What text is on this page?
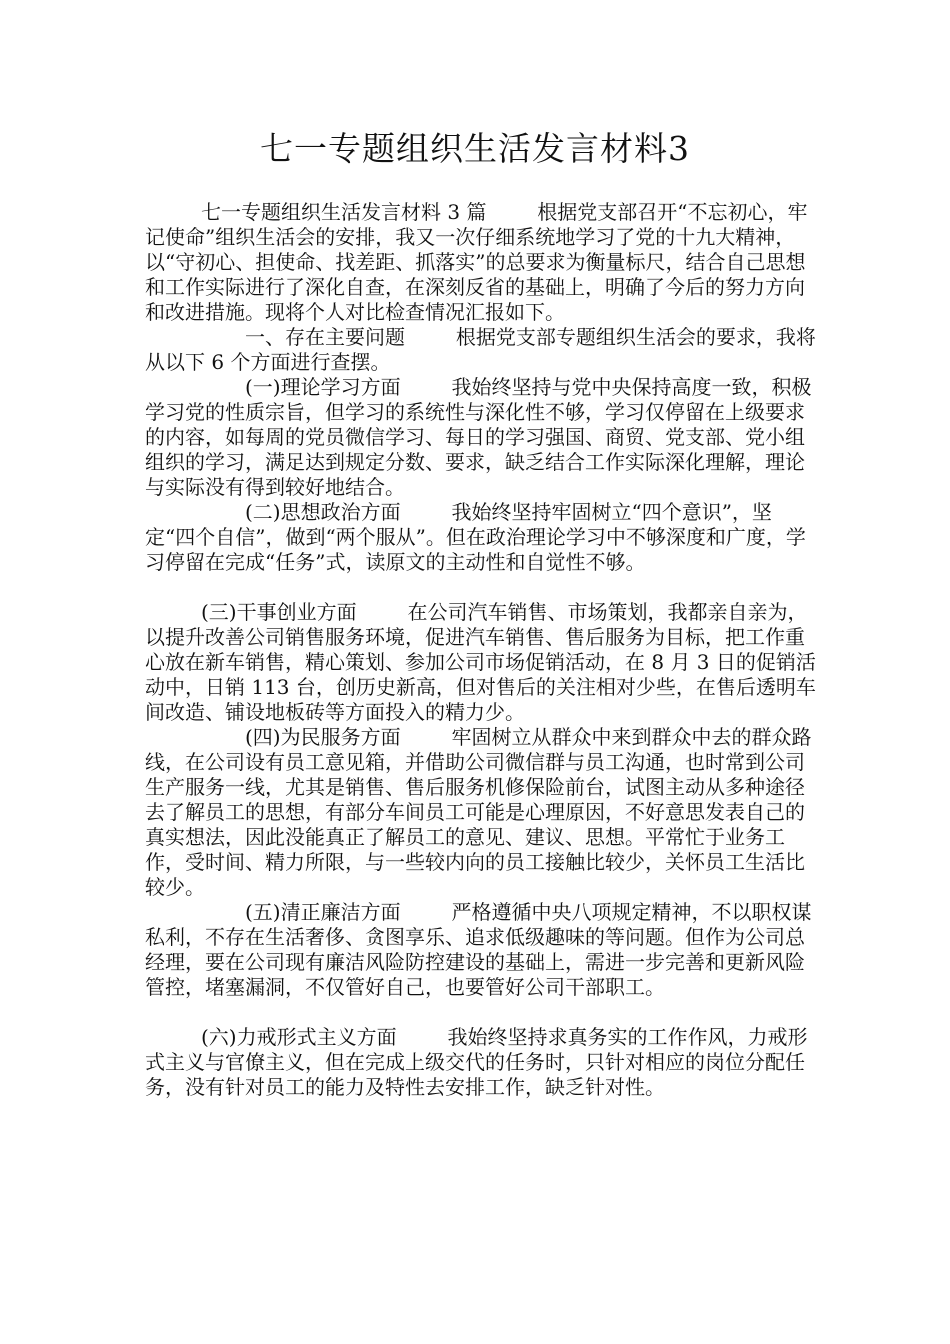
七一专题组织生活发言材料3

七一专题组织生活发言材料 3 篇        根据党支部召开“不忘初心，牢记使命”组织生活会的安排，我又一次仔细系统地学习了党的十九大精神，以“守初心、担使命、找差距、抓落实”的总要求为衡量标尺，结合自己思想和工作实际进行了深化自查，在深刻反省的基础上，明确了今后的努力方向和改进措施。现将个人对比检查情况汇报如下。

一、存在主要问题        根据党支部专题组织生活会的要求，我将从以下 6 个方面进行查摆。

(一)理论学习方面        我始终坚持与党中央保持高度一致，积极学习党的性质宗旨，但学习的系统性与深化性不够，学习仅停留在上级要求的内容，如每周的党员微信学习、每日的学习强国、商贸、党支部、党小组组织的学习，满足达到规定分数、要求，缺乏结合工作实际深化理解，理论与实际没有得到较好地结合。

(二)思想政治方面        我始终坚持牢固树立“四个意识”，坚定“四个自信”，做到“两个服从”。但在政治理论学习中不够深度和广度，学习停留在完成“任务”式，读原文的主动性和自觉性不够。

(三)干事创业方面        在公司汽车销售、市场策划，我都亲自亲为，以提升改善公司销售服务环境，促进汽车销售、售后服务为目标，把工作重心放在新车销售，精心策划、参加公司市场促销活动，在 8 月 3 日的促销活动中，日销 113 台，创历史新高，但对售后的关注相对少些，在售后透明车间改造、铺设地板砖等方面投入的精力少。

(四)为民服务方面        牢固树立从群众中来到群众中去的群众路线，在公司设有员工意见箱，并借助公司微信群与员工沟通，也时常到公司生产服务一线，尤其是销售、售后服务机修保险前台，试图主动从多种途径去了解员工的思想，有部分车间员工可能是心理原因，不好意思发表自己的真实想法，因此没能真正了解员工的意见、建议、思想。平常忙于业务工作，受时间、精力所限，与一些较内向的员工接触比较少，关怀员工生活比较少。

(五)清正廉洁方面        严格遵循中央八项规定精神，不以职权谋私利，不存在生活奢侈、贪图享乐、追求低级趣味的等问题。但作为公司总经理，要在公司现有廉洁风险防控建设的基础上，需进一步完善和更新风险管控，堵塞漏洞，不仅管好自己，也要管好公司干部职工。

(六)力戒形式主义方面        我始终坚持求真务实的工作作风，力戒形式主义与官僚主义，但在完成上级交代的任务时，只针对相应的岗位分配任务，没有针对员工的能力及特性去安排工作，缺乏针对性。
